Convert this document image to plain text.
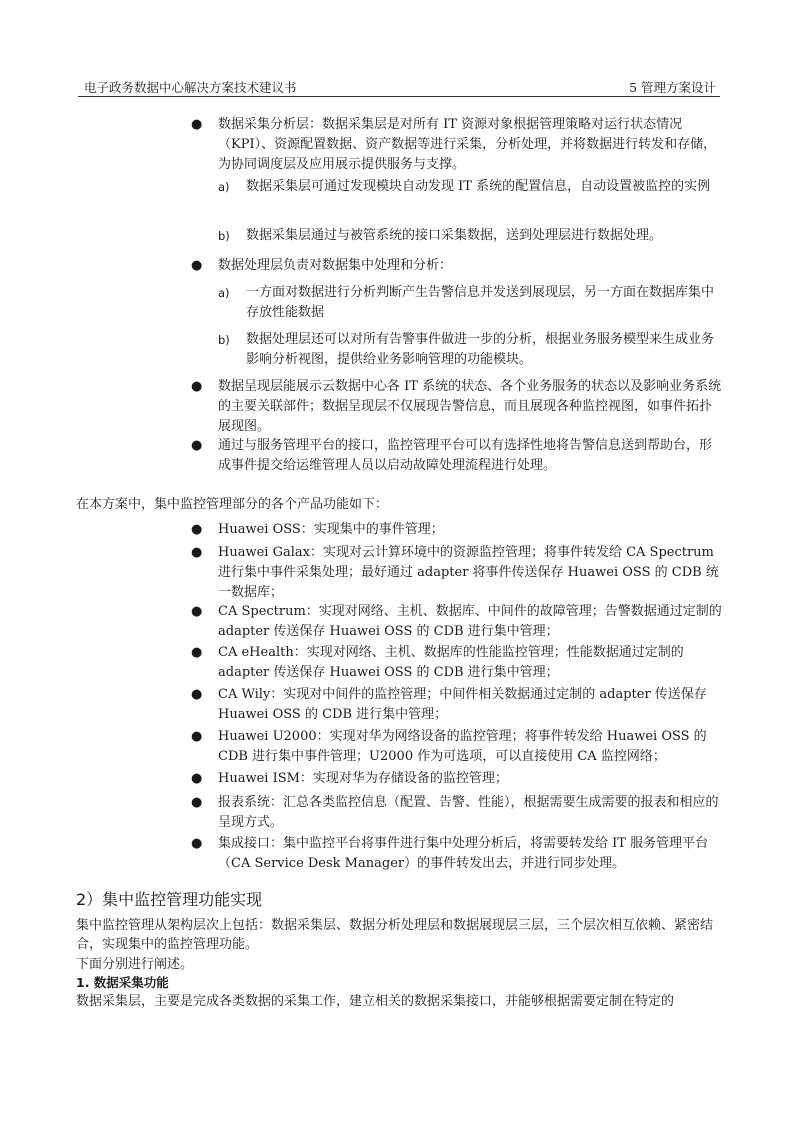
电子政务数据中心解决方案技术建议书	5 管理方案设计
● 数据采集分析层：数据采集层是对所有 IT 资源对象根据管理策略对运行状态情况（KPI）、资源配置数据、资产数据等进行采集，分析处理，并将数据进行转发和存储，为协同调度层及应用展示提供服务与支撑。

a) 数据采集层可通过发现模块自动发现 IT 系统的配置信息，自动设置被监控的实例

b) 数据采集层通过与被管系统的接口采集数据，送到处理层进行数据处理。

● 数据处理层负责对数据集中处理和分析：

a) 一方面对数据进行分析判断产生告警信息并发送到展现层，另一方面在数据库集中存放性能数据

b) 数据处理层还可以对所有告警事件做进一步的分析，根据业务服务模型来生成业务影响分析视图，提供给业务影响管理的功能模块。

● 数据呈现层能展示云数据中心各 IT 系统的状态、各个业务服务的状态以及影响业务系统的主要关联部件；数据呈现层不仅展现告警信息，而且展现各种监控视图，如事件拓扑展现图。

● 通过与服务管理平台的接口，监控管理平台可以有选择性地将告警信息送到帮助台，形成事件提交给运维管理人员以启动故障处理流程进行处理。

在本方案中，集中监控管理部分的各个产品功能如下：

● Huawei OSS：实现集中的事件管理；

● Huawei Galax：实现对云计算环境中的资源监控管理；将事件转发给 CA Spectrum 进行集中事件采集处理；最好通过 adapter 将事件传送保存 Huawei OSS 的 CDB 统一数据库；

● CA Spectrum：实现对网络、主机、数据库、中间件的故障管理；告警数据通过定制的 adapter 传送保存 Huawei OSS 的 CDB 进行集中管理；

● CA eHealth：实现对网络、主机、数据库的性能监控管理；性能数据通过定制的 adapter 传送保存 Huawei OSS 的 CDB 进行集中管理；

● CA Wily：实现对中间件的监控管理；中间件相关数据通过定制的 adapter 传送保存 Huawei OSS 的 CDB 进行集中管理；

● Huawei U2000：实现对华为网络设备的监控管理；将事件转发给 Huawei OSS 的 CDB 进行集中事件管理；U2000 作为可选项，可以直接使用 CA 监控网络；

● Huawei ISM：实现对华为存储设备的监控管理；

● 报表系统：汇总各类监控信息（配置、告警、性能），根据需要生成需要的报表和相应的呈现方式。

● 集成接口：集中监控平台将事件进行集中处理分析后，将需要转发给 IT 服务管理平台（CA Service Desk Manager）的事件转发出去，并进行同步处理。

2）集中监控管理功能实现

集中监控管理从架构层次上包括：数据采集层、数据分析处理层和数据展现层三层，三个层次相互依赖、紧密结合，实现集中的监控管理功能。

下面分别进行阐述。

1. 数据采集功能

数据采集层，主要是完成各类数据的采集工作，建立相关的数据采集接口，并能够根据需要定制在特定的
